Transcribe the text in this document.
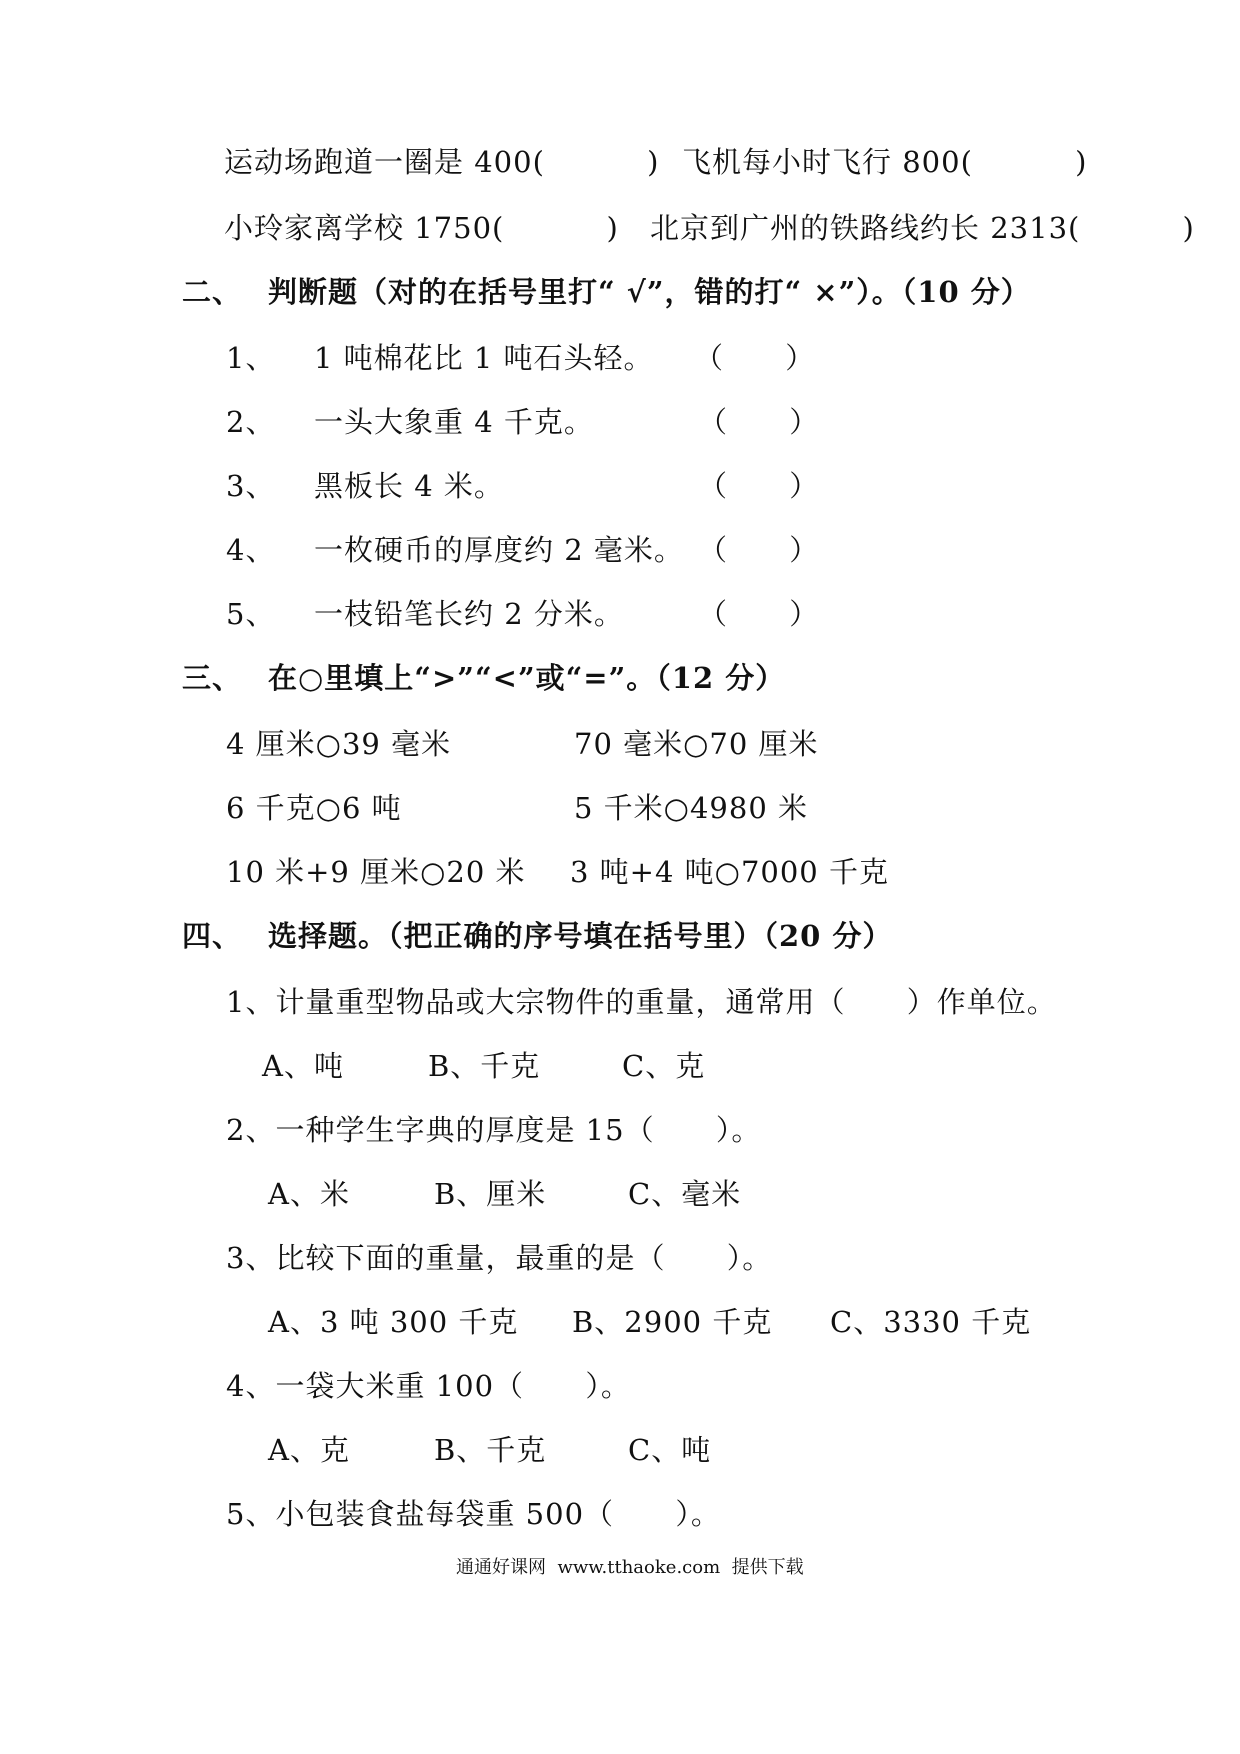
运动场跑道一圈是 400(          ) 飞机每小时飞行 800(          )
小玲家离学校 1750(          ) 北京到广州的铁路线约长 2313(          )
二、 判断题（对的在括号里打“ √”，错的打“ ×”）。（10 分）
1、 1 吨棉花比 1 吨石头轻。 （      ）
2、 一头大象重 4 千克。	（      ）
3、 黑板长 4 米。	（      ）
4、 一枚硬币的厚度约 2 毫米。 （      ）
5、 一枝铅笔长约 2 分米。	（      ）
三、 在○里填上“>”“<”或“=”。（12 分）
4 厘米○39 毫米	70 毫米○70 厘米
6 千克○6 吨	5 千米○4980 米
10 米+9 厘米○20 米 3 吨+4 吨○7000 千克
四、 选择题。（把正确的序号填在括号里）（20 分）
1、计量重型物品或大宗物件的重量，通常用（      ）作单位。
A、吨	B、千克	C、克
2、一种学生字典的厚度是 15（      ）。
A、米	B、厘米	C、毫米
3、比较下面的重量，最重的是（      ）。
A、3 吨 300 千克 B、2900 千克 C、3330 千克
4、一袋大米重 100（      ）。
A、克	B、千克	C、吨
5、小包装食盐每袋重 500（      ）。
通通好课网  www.tthaoke.com  提供下载
